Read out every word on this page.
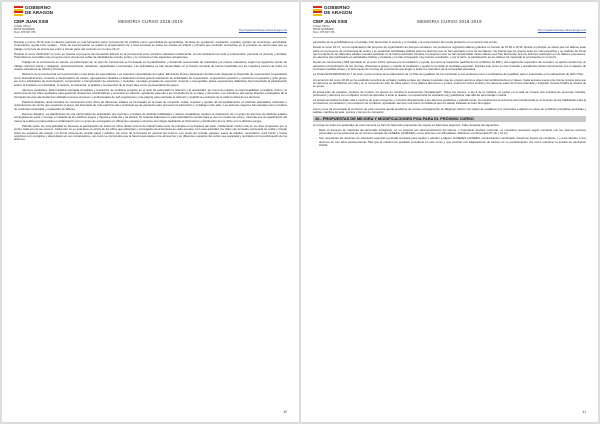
GOBIERNO
DE ARAGON
CEIP JUAN XXIII
C/Juan XXIII,2
50700 NONASPE
Teno: 976 637 376
MEMORIA CURSO 2018-2019
http://cpjuanxxiiicasp.educa.aragon.es/

Durante el curso 15-16 todo el claustro participó en una formación sobre convivencia: El conflicto como oportunidad de aprendizaje, técnicas de regulación, mediación, empatía, gestión de emociones, asertividad, cooperación, ayuda entre iguales... Fruto de esa formación se realizó la programación de 1 hora semanal en todos los niveles de infantil y primaria que pretende convertirse en el proyecto de centro para que se trabaje en la hora de tutoría que entró a formar parte del currículo en el curso 16-17.

Durante el curso 2016-2017 se puso en marcha el proyecto de innovación Educar en la convivencia como principio educativo fundamental, con la implicación de todo el profesorado, personal no docente y familias. Pretendemos consolidar este proyecto como una de las señas de identidad de nuestro centro y se concreta en las siguientes actuaciones:

Trabajo de la convivencia en tutoría. La elaboración de un plan de convivencia se ha basado en la planificación y desarrollo secuenciado de materiales por niveles educativos según los siguientes temas de trabajo: atención plena y relajación; autoconocimiento; fortalezas; capacidades emocionales. Las actividades se han desarrollado en el horario semanal de tutoría impartidas por los maestros tutores de todos los niveles educativos de Infantil y Primaria.

Refuerzo de la convivencia con experiencias en las áreas de especialistas. Los maestros especialistas de Inglés, Educación Física y Educación Artística han integrado el desarrollo de experiencias cooperativas como dramatizaciones, creación e interpretación de cantos, agrupaciones flexibles en Educación Física para la realización de actividades de cooperación, cooperación-oposición y oposición en pequeño y gran grupo, así como actividades de improvisación, composición e interpretación de canciones y melodías, montajes grupales de expresión corporal y coreografías. Estas experiencias didácticas han fomentado la participación activa, la iniciativa, la creatividad, el respeto, la tolerancia, el análisis y la selección de la mejor idea como representativa del grupo.

Alumnos ayudantes. Esta iniciativa orientada al análisis y resolución de conflictos surgidos en el nivel ha estimulado la reflexión y la asertividad, así como la empatía, la responsabilidad, el análisis crítico y la autonomía de los niños ayudantes para gestionar situaciones problemáticas y encontrar su solución, ayudando para ello a los compañeros de su clase y del centro. Los miembros del equipo directivo encargados de la formación de este alumnado han utilizado recursos impresos y audiovisuales de self-experiencia y role-playing para estimular la reflexión y analizar la evolución de la actitud crítica de los alumnos.

Padrinos-ahijados. Esta iniciativa de convivencia entre niños de diferentes edades se ha basado en la tarea de compartir, cuidar, respetar y ayudar. El acompañamiento en distintas actividades culturales o celebraciones de centro que requieran el apoyo del alumnado de más edad ha sido el principal eje de actuación para promover la interacción y el diálogo entre ellos. Los alumnos mayores han actuado como modelos de conducta compartida y evaluación de talleres.

Recreos dirigidos. La planificación de una oferta lúdica de actividades que permiten el trabajo de distintas habilidades y valores ciudadanos requiere la implicación de un grupo de alumnos de distintas edades encargados de sacar y recoger el material de los distintos juegos y deportes cada día y de arbitrar. El material elaborado en esta actividad ha servido para el uso en el patio de recreo, mientras que la organización del mismo la realiza el profesorado en colaboración con un grupo de encargados en diferentes espacios comunes del colegio facilitando la información y distribución de los niños en los distintos juegos.

Patrulla verde. Es esta actividad se favorece la participación de todos los niños desde tercero de Infantil hasta sexto de primaria en la limpieza del patio, colaborando mucho más en los días propuestos por el centro cada uno de los recreos. Cada tutor en su aula lleva el control de los niños que participan y encargados de la limpieza de cada semana. Con esta actividad, los niños van tomando conciencia de cuidar y limpiar todos los espacios del colegio y la forma correcta de reciclar papel y plástico, así como de la limpieza en general del entorno. Los restos de comida, papeles, vasos de plástico, neumáticos, tetra bricks y restos orgánicos son recogidos y depositados en sus contenedores, así como se comprueba que la basura generada en los almuerzos y en diferentes espacios del centro sea separada y reciclada con la participación de los alumnos.

40
GOBIERNO
DE ARAGON
CEIP JUAN XXIII
C/Juan XXIII,2
50700 NONASPE
Teno: 976 637 376
MEMORIA CURSO 2018-2019
http://cpjuanxxiiicasp.educa.aragon.es/

educación de la sensibilidad por el reciclaje; han favorecido el respeto y el cuidado y la conservación del medio ambiente en su entorno del centro.

Desde el curso 16-17, con la implantación del proyecto de organización de tiempos escolares, los profesores organizan talleres gratuitos en horario de 15:30 a 16:30. Desde el principio se oferta que los talleres sean parte en el proyecto de convivencia de centro y se organizan actividades lúdicas para los alumnos que se han apuntado a uno de los talleres. Se intenta que los grupos sean los más pequeños y se realizan de forma que los alumnos de diferentes edades puedan participar en la misma actividad. Durante el presente curso se han desarrollado varios talleres que han favorecido que los alumnos participen en los talleres propuestos; los alumnos han participado en actividades lúdicas y creativas y se han conseguido muy buenos resultados, y por lo tanto, la participación en los talleres ha mejorado la convivencia en el centro.

El plan de convivencia y RRI aprobado en el curso 12/13, apuesta por la mediación y ayuda, así como la resolución pacífica de los conflictos. El RRI y otro reglamento específico del comedor, se aplica cuando hay un relevante incumplimiento de las normas, infracciones graves y cuando la mediación y ayuda no ha dado el resultado esperado. Durante este curso se han revisado y actualizado dichos documentos con el objetivo de concretar medidas claras y el documento de normas de convivencia que llegue a todos los miembros de la comunidad educativa.

La Orden ECD/1003/2018 de 7 de junio, prevé el inicio de la elaboración de un Plan de Igualdad. Se ha nombrado a una profesora como coordinadora de igualdad, para ir avanzando en la elaboración de dicho Plan.

Al comienzo del curso 18-19 se ha sustituido la tarima de entrada y salida a clase por placas musicales que los propios alumnos eligen democráticamente por clases. Cada semana suena una misma música para que los alumnos se familiaricen con ella y en el momento de salir de clase para ir a los talleres del recreo o a casa, suena la misma música y los alumnos salen de forma ordenada y tranquila, cuando finaliza la música de su grupo.

El actual plan de estudios, profesor de música, ha puesto en marcha la experiencia "Unelalamadí". Todos los viernes, a las 8 de la mañana, se juntan en la sala de música una veintena de personas: familias, profesores y alumnos con el objetivo común de aprender a tocar el ukelele. La experiencia ha resultado muy gratificante más allá del aprendizaje musical.

La actual secretaria ha dado vida a muchos de estos proyectos y concretó directamente a los alumnos ayudantes y patrulla verde. Su experiencia personal ha sido fundamental en el fomento de las habilidades para la convivencia, la mediación y la resolución de conflictos, apostando siempre una visión conciliadora que ha sabido trasladar al resto del equipo.

Como ya se ha comentado al comienzo de esta memoria queda pendiente de revisar el Reglamento de Régimen Interior con objeto de establecer los protocolos a aplicar en casos de conflictos previsibles (entradas y salidas, cambios de aula, recreos y tiempo de comedor).

10.- PROPUESTAS DE MEJORA Y MODIFICACIONES PGA PARA EL PRÓXIMO CURSO

A lo largo de todos los apartados de esta memoria se han ido haciendo propuestas de mejora en diferentes aspectos. Cabe destacar las siguientes:

- Dado el aumento de matrícula del alumnado inmigrante, en su mayoría con desconocimiento del idioma, o importante desfase curricular, se considera necesario seguir contando con los mismos recursos personales por la existencia de un número elevado de ACNEES, ACNEAES y otros alumnos con dificultades. Mantener el profesorado PT (3) y AL (1).
- Son necesarias las acciones de educación especial a jornada completa para ayudar y atender a alguno ACNEAES (ACNEES, escolarización combinada, trastornos graves de conducta...) y para atender a dos alumnos de tres años pertenecientes TEA que la maestra ha quedado excedente en este curso y que cuentan con adaptaciones de acceso en su escolarización. Así como mantener la auxiliar de educación infantil.
41
